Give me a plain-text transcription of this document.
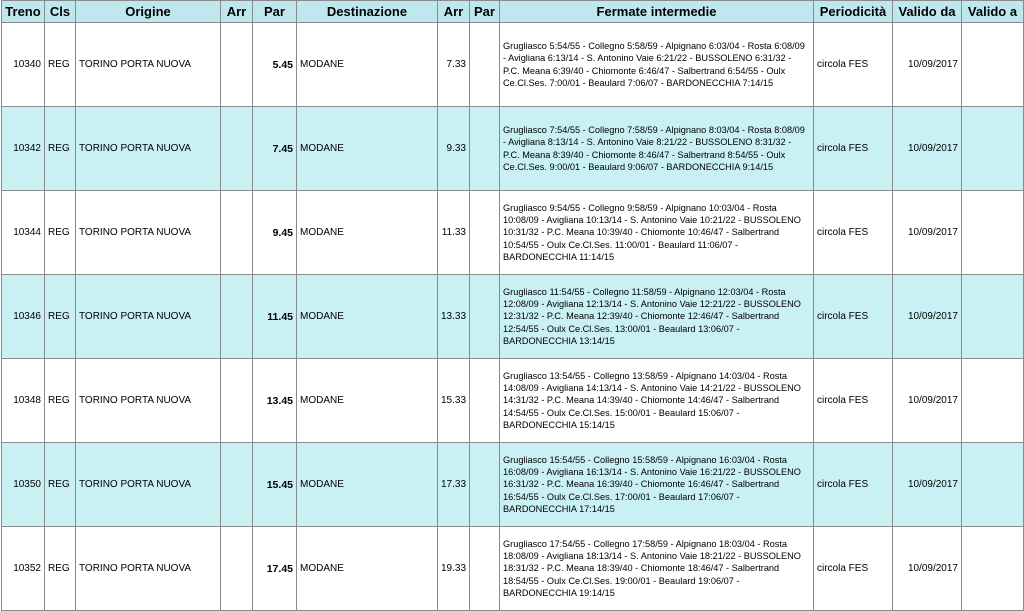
Treno	Cls	Origine	Arr	Par	Destinazione	Arr	Par	Fermate intermedie	Periodicità	Valido da	Valido a
10340	REG	TORINO PORTA NUOVA		5.45	MODANE	7.33		Grugliasco 5:54/55 - Collegno 5:58/59 - Alpignano 6:03/04 - Rosta 6:08/09 - Avigliana 6:13/14 - S. Antonino Vaie 6:21/22 - BUSSOLENO 6:31/32 - P.C. Meana 6:39/40 - Chiomonte 6:46/47 - Salbertrand 6:54/55 - Oulx Ce.Cl.Ses. 7:00/01 - Beaulard 7:06/07 - BARDONECCHIA 7:14/15	circola FES	10/09/2017	
10342	REG	TORINO PORTA NUOVA		7.45	MODANE	9.33		Grugliasco 7:54/55 - Collegno 7:58/59 - Alpignano 8:03/04 - Rosta 8:08/09 - Avigliana 8:13/14 - S. Antonino Vaie 8:21/22 - BUSSOLENO 8:31/32 - P.C. Meana 8:39/40 - Chiomonte 8:46/47 - Salbertrand 8:54/55 - Oulx Ce.Cl.Ses. 9:00/01 - Beaulard 9:06/07 - BARDONECCHIA 9:14/15	circola FES	10/09/2017	
10344	REG	TORINO PORTA NUOVA		9.45	MODANE	11.33		Grugliasco 9:54/55 - Collegno 9:58/59 - Alpignano 10:03/04 - Rosta 10:08/09 - Avigliana 10:13/14 - S. Antonino Vaie 10:21/22 - BUSSOLENO 10:31/32 - P.C. Meana 10:39/40 - Chiomonte 10:46/47 - Salbertrand 10:54/55 - Oulx Ce.Cl.Ses. 11:00/01 - Beaulard 11:06/07 - BARDONECCHIA 11:14/15	circola FES	10/09/2017	
10346	REG	TORINO PORTA NUOVA		11.45	MODANE	13.33		Grugliasco 11:54/55 - Collegno 11:58/59 - Alpignano 12:03/04 - Rosta 12:08/09 - Avigliana 12:13/14 - S. Antonino Vaie 12:21/22 - BUSSOLENO 12:31/32 - P.C. Meana 12:39/40 - Chiomonte 12:46/47 - Salbertrand 12:54/55 - Oulx Ce.Cl.Ses. 13:00/01 - Beaulard 13:06/07 - BARDONECCHIA 13:14/15	circola FES	10/09/2017	
10348	REG	TORINO PORTA NUOVA		13.45	MODANE	15.33		Grugliasco 13:54/55 - Collegno 13:58/59 - Alpignano 14:03/04 - Rosta 14:08/09 - Avigliana 14:13/14 - S. Antonino Vaie 14:21/22 - BUSSOLENO 14:31/32 - P.C. Meana 14:39/40 - Chiomonte 14:46/47 - Salbertrand 14:54/55 - Oulx Ce.Cl.Ses. 15:00/01 - Beaulard 15:06/07 - BARDONECCHIA 15:14/15	circola FES	10/09/2017	
10350	REG	TORINO PORTA NUOVA		15.45	MODANE	17.33		Grugliasco 15:54/55 - Collegno 15:58/59 - Alpignano 16:03/04 - Rosta 16:08/09 - Avigliana 16:13/14 - S. Antonino Vaie 16:21/22 - BUSSOLENO 16:31/32 - P.C. Meana 16:39/40 - Chiomonte 16:46/47 - Salbertrand 16:54/55 - Oulx Ce.Cl.Ses. 17:00/01 - Beaulard 17:06/07 - BARDONECCHIA 17:14/15	circola FES	10/09/2017	
10352	REG	TORINO PORTA NUOVA		17.45	MODANE	19.33		Grugliasco 17:54/55 - Collegno 17:58/59 - Alpignano 18:03/04 - Rosta 18:08/09 - Avigliana 18:13/14 - S. Antonino Vaie 18:21/22 - BUSSOLENO 18:31/32 - P.C. Meana 18:39/40 - Chiomonte 18:46/47 - Salbertrand 18:54/55 - Oulx Ce.Cl.Ses. 19:00/01 - Beaulard 19:06/07 - BARDONECCHIA 19:14/15	circola FES	10/09/2017	
